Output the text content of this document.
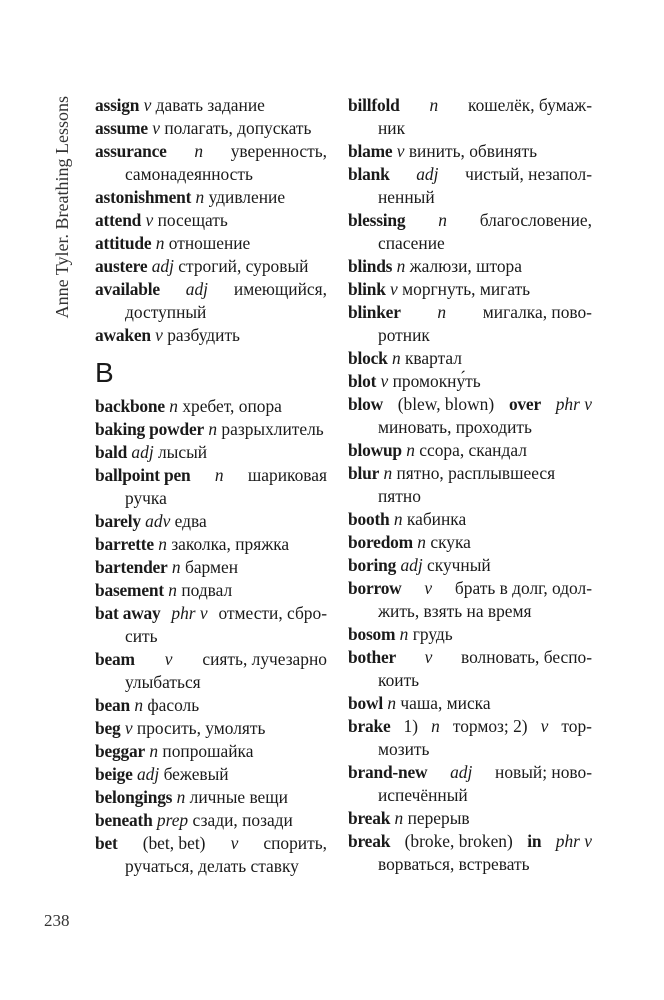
Anne Tyler. Breathing Lessons	assign v давать задание
assume v полагать, допускать
assurance n уверенность,
самонадеянность
astonishment n удивление
attend v посещать
attitude n отношение
austere adj строгий, суровый
available adj имеющийся,
доступный
awaken v разбудить
B
backbone n хребет, опора
baking powder n разрыхлитель
bald adj лысый
ballpoint pen n шариковая
ручка
barely adv едва
barrette n заколка, пряжка
bartender n бармен
basement n подвал
bat away phr v отмести, сбро-
сить
beam v сиять, лучезарно
улыбаться
bean n фасоль
beg v просить, умолять
beggar n попрошайка
beige adj бежевый
belongings n личные вещи
beneath prep сзади, позади
bet (bet, bet) v спорить,
ручаться, делать ставку
billfold n кошелёк, бумаж-
ник
blame v винить, обвинять
blank adj чистый, незапол-
ненный
blessing n благословение,
спасение
blinds n жалюзи, штора
blink v моргнуть, мигать
blinker n мигалка, пово-
ротник
block n квартал
blot v промокну́ть
blow (blew, blown) over phr v
миновать, проходить
blowup n ссора, скандал
blur n пятно, расплывшееся
пятно
booth n кабинка
boredom n скука
boring adj скучный
borrow v брать в долг, одол-
жить, взять на время
bosom n грудь
bother v волновать, беспо-
коить
bowl n чаша, миска
brake 1) n тормоз; 2) v тор-
мозить
brand-new adj новый; ново-
испечённый
break n перерыв
break (broke, broken) in phr v
ворваться, встревать
238
